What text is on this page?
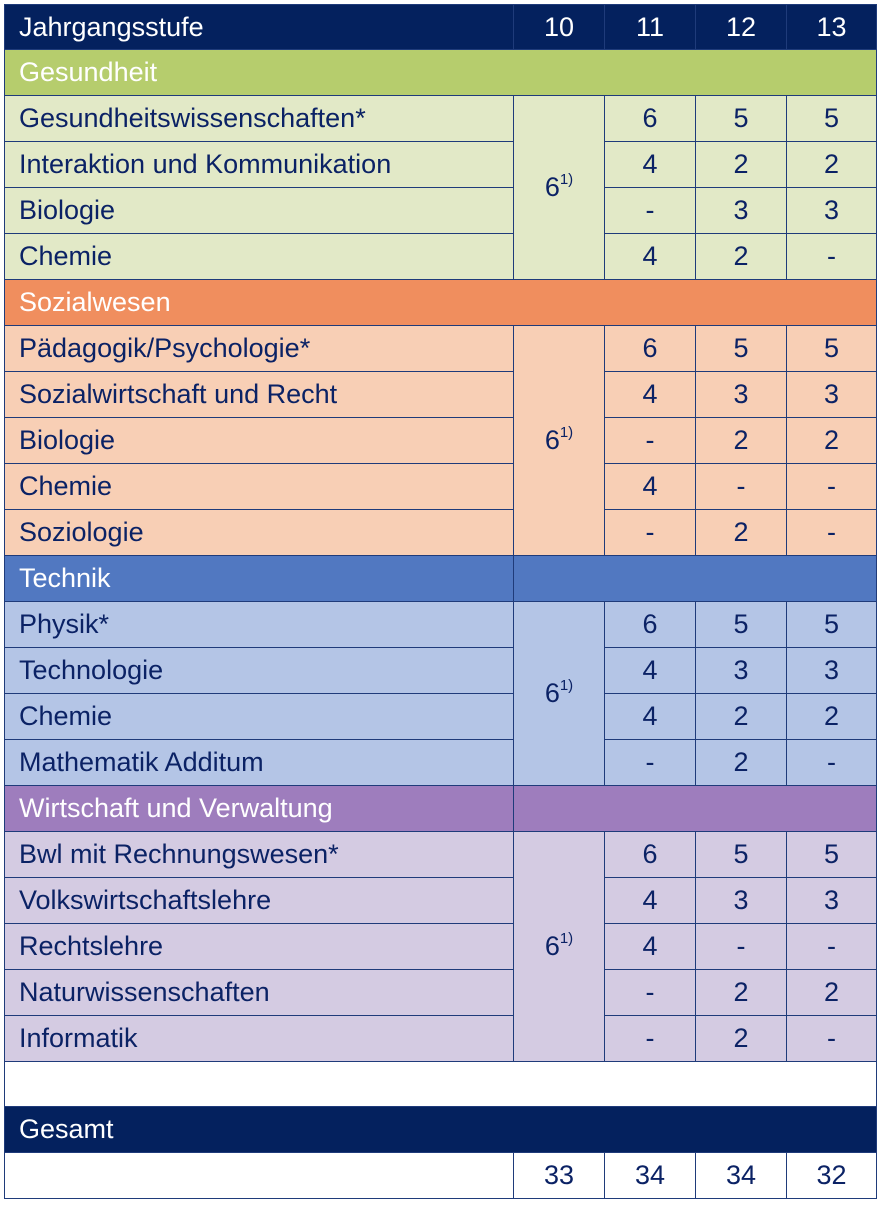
Jahrgangsstufe	10	11	12	13
Gesundheit				
Gesundheitswissenschaften*	6$^{1)}$	6	5	5
Interaktion und Kommunikation		4	2	2
Biologie		-	3	3
Chemie		4	2	-
Sozialwesen				
Pädagogik/Psychologie*	6$^{1)}$	6	5	5
Sozialwirtschaft und Recht		4	3	3
Biologie		-	2	2
Chemie		4	-	-
Soziologie		-	2	-
Technik				
Physik*	6$^{1)}$	6	5	5
Technologie		4	3	3
Chemie		4	2	2
Mathematik Additum		-	2	-
Wirtschaft und Verwaltung				
Bwl mit Rechnungswesen*	6$^{1)}$	6	5	5
Volkswirtschaftslehre		4	3	3
Rechtslehre		4	-	-
Naturwissenschaften		-	2	2
Informatik		-	2	-

Gesamt				
	33	34	34	32
